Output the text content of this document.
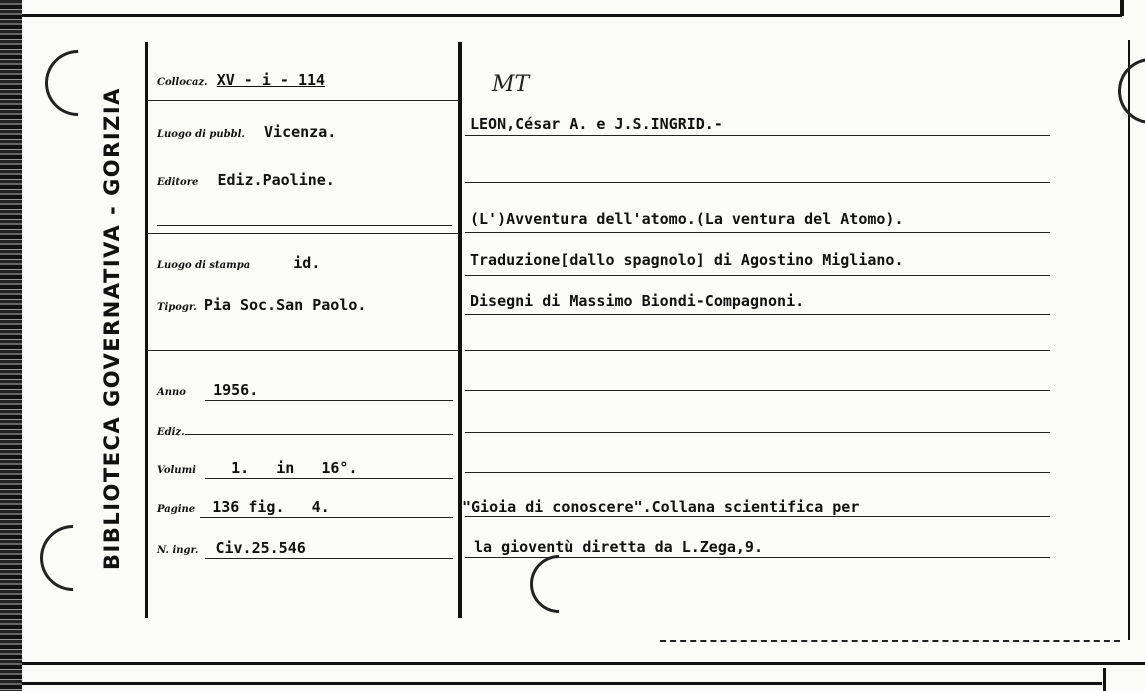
BIBLIOTECA GOVERNATIVA - GORIZIA
Collocaz. XV - i - 114
Luogo di pubbl. Vicenza.
Editore Ediz.Paoline.
Luogo di stampa	id.
Tipogr. Pia Soc.San Paolo.
Anno 1956.
Ediz.
Volumi 1.   in   16°.
Pagine 136 fig.   4.
N. ingr. Civ.25.546
MT
LEON,César A. e J.S.INGRID.-
(L')Avventura dell'atomo.(La ventura del Atomo).
Traduzione[dallo spagnolo] di Agostino Migliano.
Disegni di Massimo Biondi-Compagnoni.
"Gioia di conoscere".Collana scientifica per
la gioventù diretta da L.Zega,9.
